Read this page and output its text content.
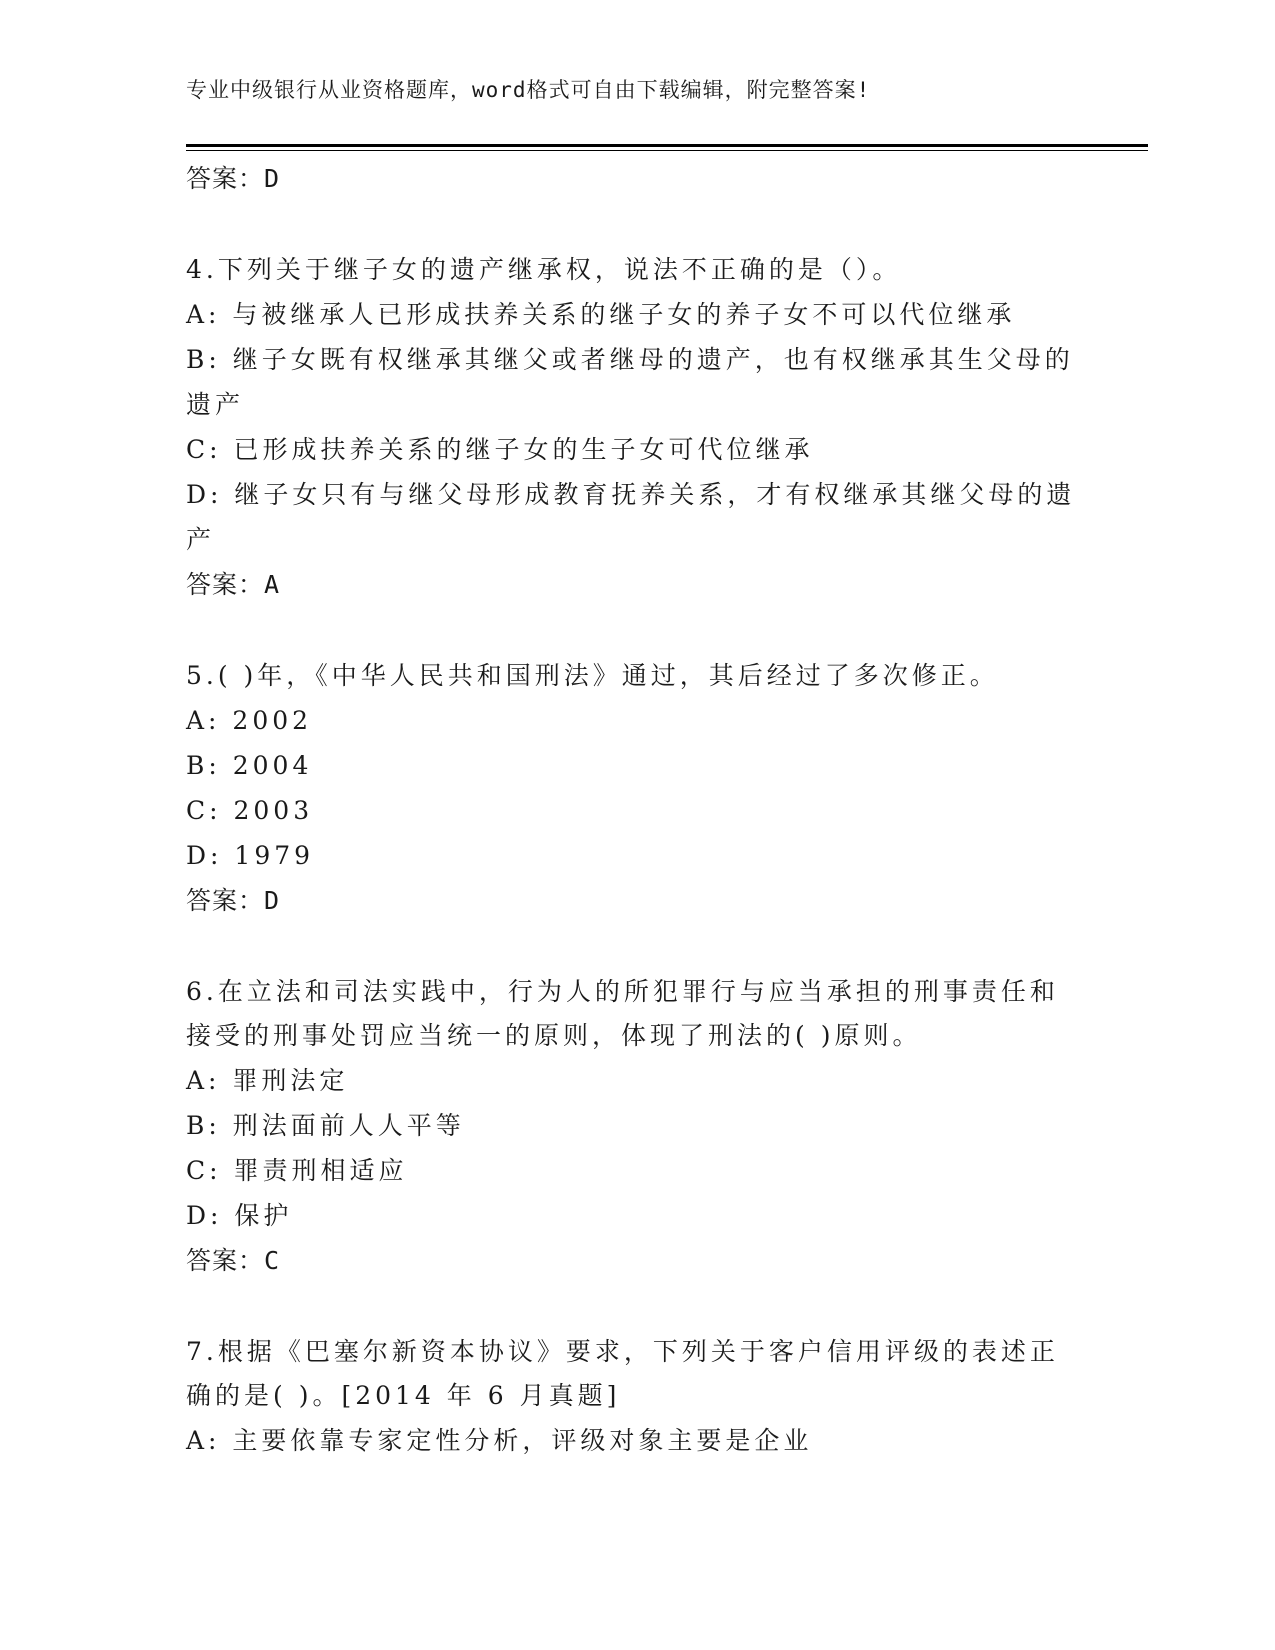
专业中级银行从业资格题库，word格式可自由下载编辑，附完整答案!
答案：D
4.下列关于继子女的遗产继承权，说法不正确的是（）。
A: 与被继承人已形成扶养关系的继子女的养子女不可以代位继承
B: 继子女既有权继承其继父或者继母的遗产，也有权继承其生父母的
遗产
C: 已形成扶养关系的继子女的生子女可代位继承
D: 继子女只有与继父母形成教育抚养关系，才有权继承其继父母的遗
产
答案：A
5.( )年，《中华人民共和国刑法》通过，其后经过了多次修正。
A: 2002
B: 2004
C: 2003
D: 1979
答案：D
6.在立法和司法实践中，行为人的所犯罪行与应当承担的刑事责任和
接受的刑事处罚应当统一的原则，体现了刑法的( )原则。
A: 罪刑法定
B: 刑法面前人人平等
C: 罪责刑相适应
D: 保护
答案：C
7.根据《巴塞尔新资本协议》要求，下列关于客户信用评级的表述正
确的是( )。[2014 年 6 月真题]
A: 主要依靠专家定性分析，评级对象主要是企业
